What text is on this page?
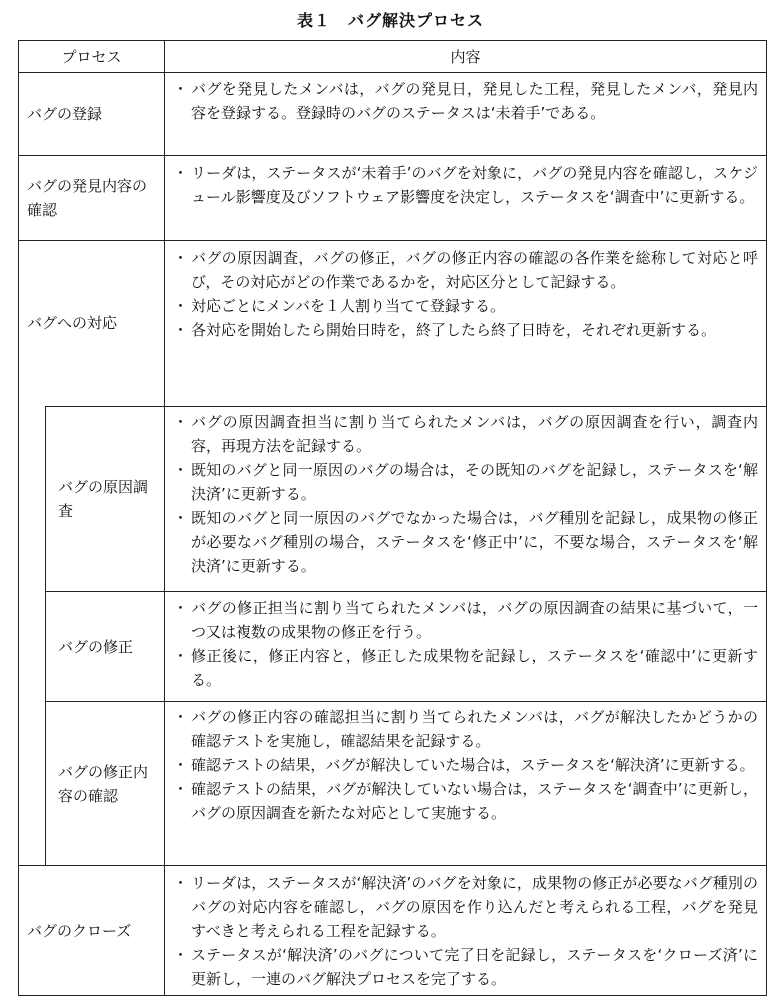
表１　バグ解決プロセス
プロセス	内容
バグの登録
・ バグを発見したメンバは，バグの発見日，発見した工程，発見したメンバ，発見内容を登録する。登録時のバグのステータスは‘未着手’である。
バグの発見内容の確認
・ リーダは，ステータスが‘未着手’のバグを対象に，バグの発見内容を確認し，スケジュール影響度及びソフトウェア影響度を決定し，ステータスを‘調査中’に更新する。
バグへの対応
・ バグの原因調査，バグの修正，バグの修正内容の確認の各作業を総称して対応と呼び，その対応がどの作業であるかを，対応区分として記録する。
・ 対応ごとにメンバを１人割り当てて登録する。
・ 各対応を開始したら開始日時を，終了したら終了日時を，それぞれ更新する。
バグの原因調査
・ バグの原因調査担当に割り当てられたメンバは，バグの原因調査を行い，調査内容，再現方法を記録する。
・ 既知のバグと同一原因のバグの場合は，その既知のバグを記録し，ステータスを‘解決済’に更新する。
・ 既知のバグと同一原因のバグでなかった場合は，バグ種別を記録し，成果物の修正が必要なバグ種別の場合，ステータスを‘修正中’に，不要な場合，ステータスを‘解決済’に更新する。
バグの修正
・ バグの修正担当に割り当てられたメンバは，バグの原因調査の結果に基づいて，一つ又は複数の成果物の修正を行う。
・ 修正後に，修正内容と，修正した成果物を記録し，ステータスを‘確認中’に更新する。
バグの修正内容の確認
・ バグの修正内容の確認担当に割り当てられたメンバは，バグが解決したかどうかの確認テストを実施し，確認結果を記録する。
・ 確認テストの結果，バグが解決していた場合は，ステータスを‘解決済’に更新する。
・ 確認テストの結果，バグが解決していない場合は，ステータスを‘調査中’に更新し，バグの原因調査を新たな対応として実施する。
バグのクローズ
・ リーダは，ステータスが‘解決済’のバグを対象に，成果物の修正が必要なバグ種別のバグの対応内容を確認し，バグの原因を作り込んだと考えられる工程，バグを発見すべきと考えられる工程を記録する。
・ ステータスが‘解決済’のバグについて完了日を記録し，ステータスを‘クローズ済’に更新し，一連のバグ解決プロセスを完了する。
